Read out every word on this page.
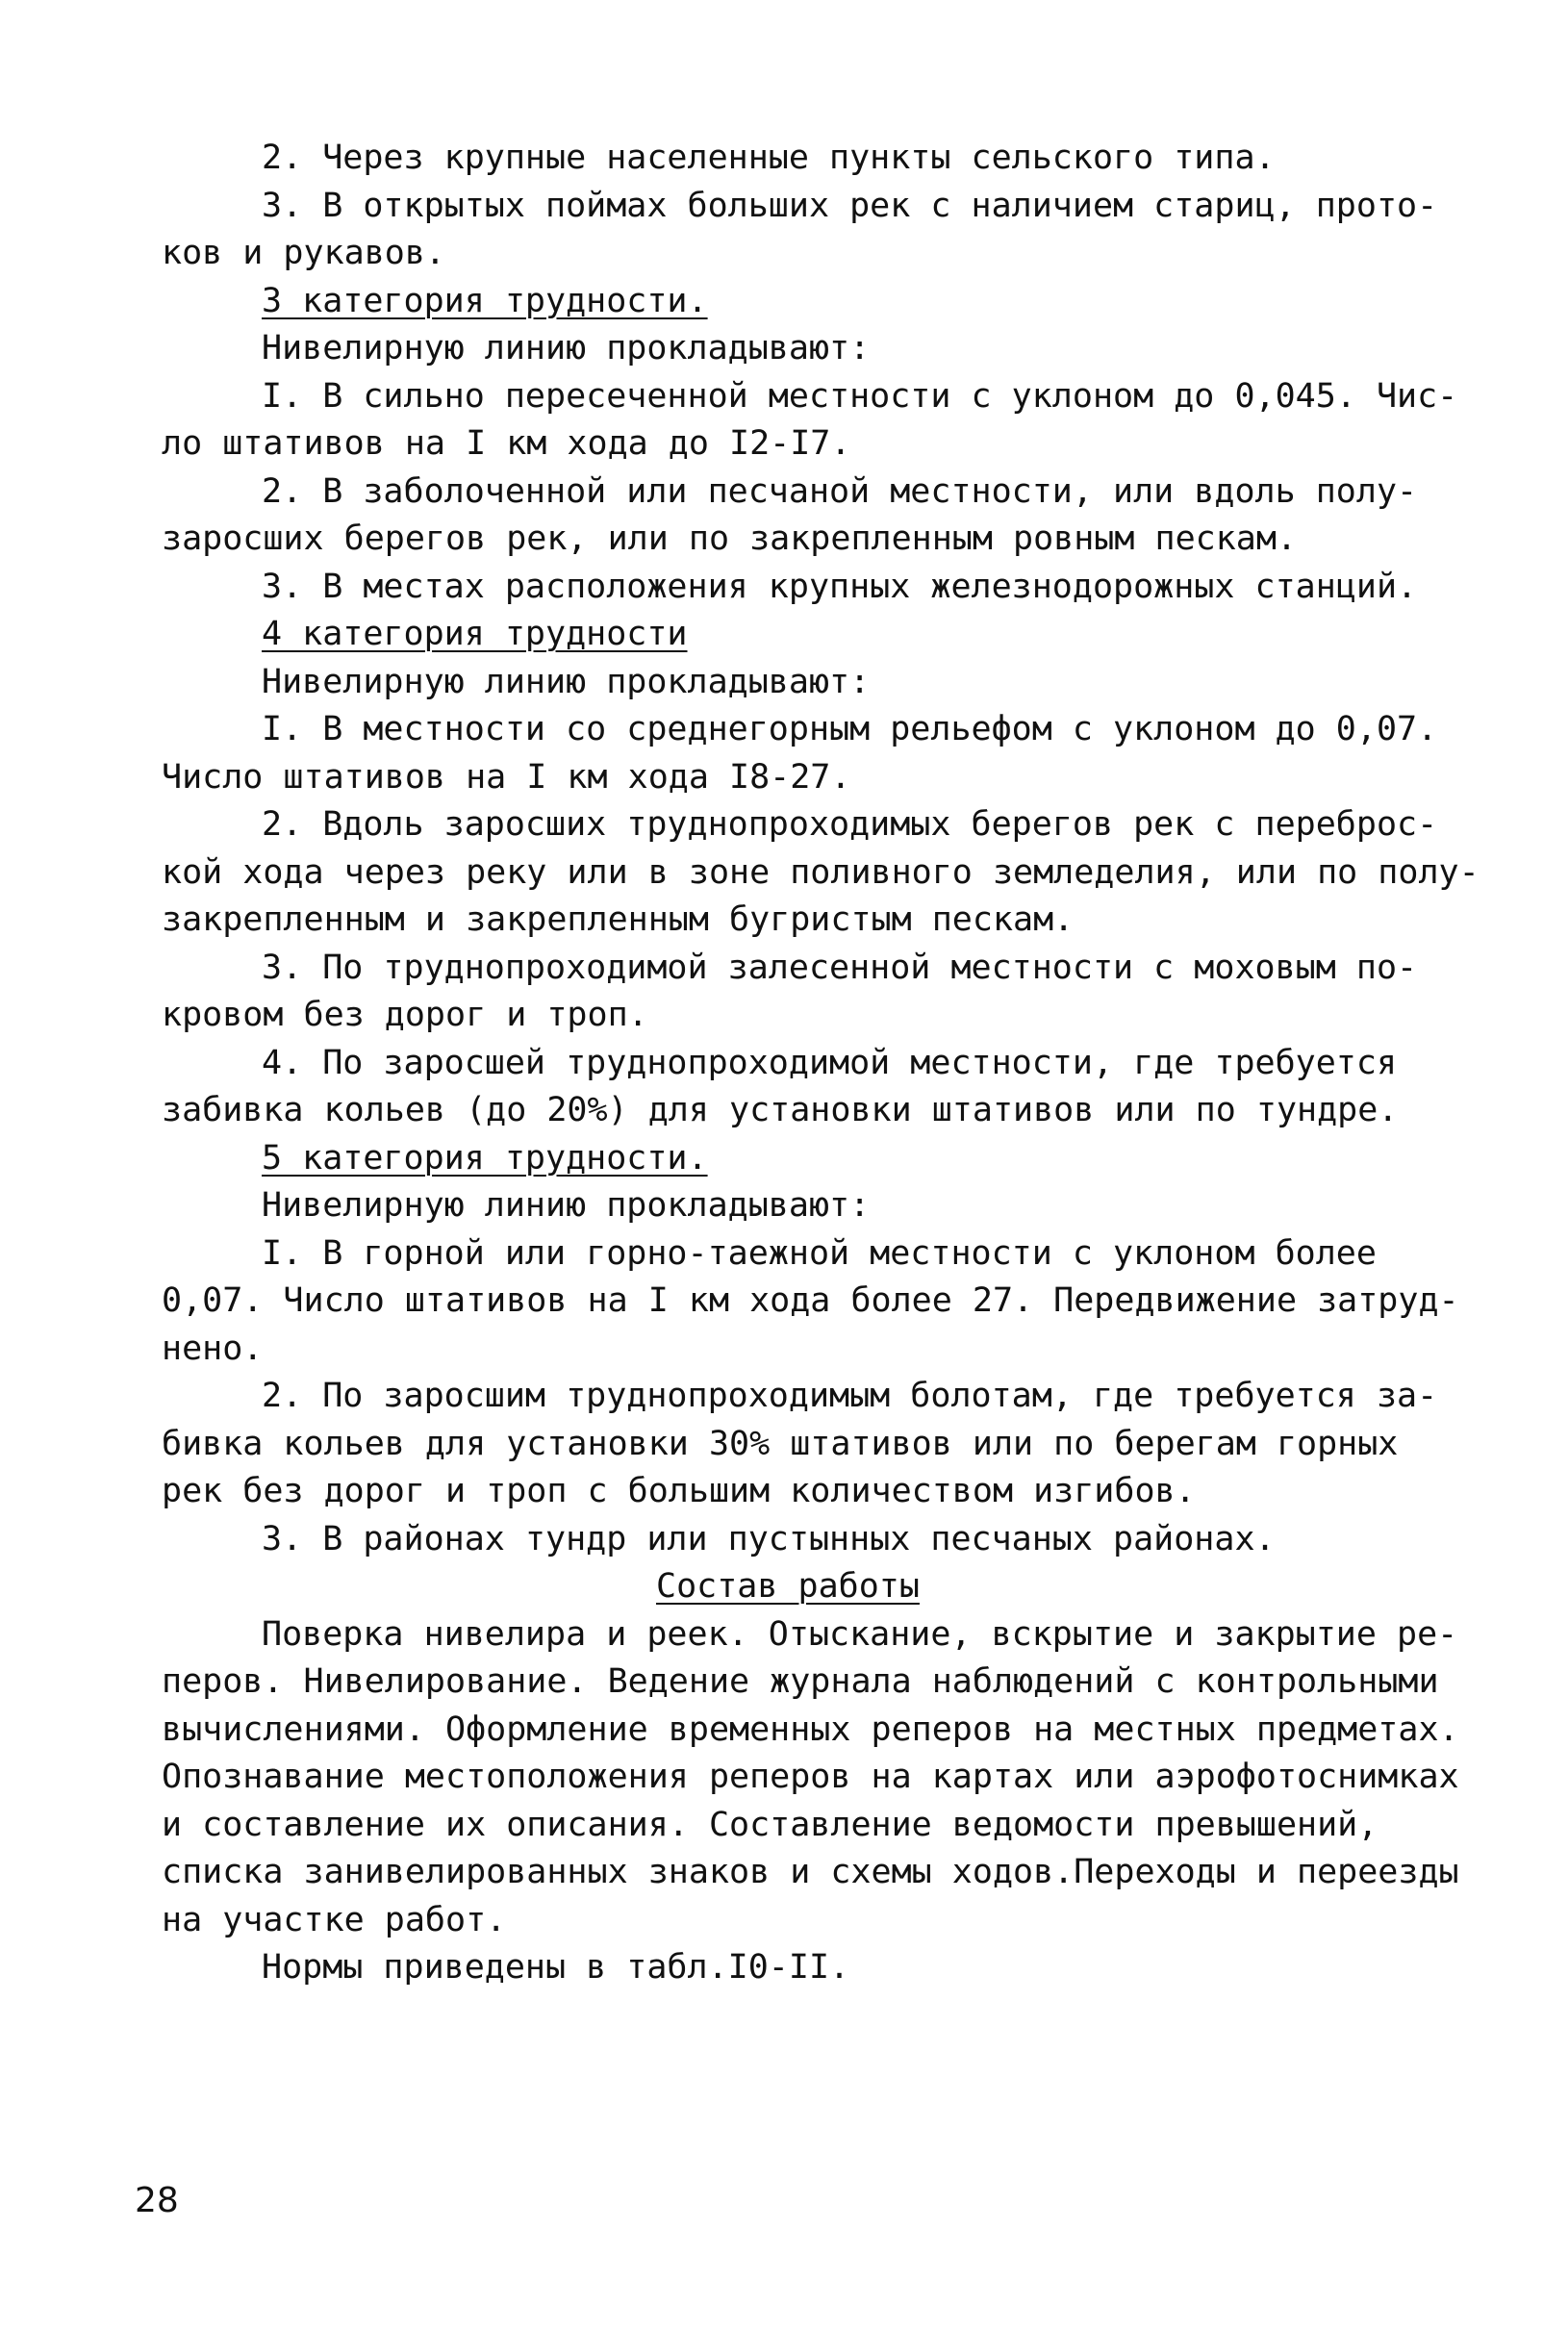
2. Через крупные населенные пункты сельского типа.
3. В открытых поймах больших рек с наличием стариц, прото-
ков и рукавов.
3 категория трудности.
Нивелирную линию прокладывают:
I. В сильно пересеченной местности с уклоном до 0,045. Чис-
ло штативов на I км хода до I2-I7.
2. В заболоченной или песчаной местности, или вдоль полу-
заросших берегов рек, или по закрепленным ровным пескам.
3. В местах расположения крупных железнодорожных станций.
4 категория трудности
Нивелирную линию прокладывают:
I. В местности со среднегорным рельефом с уклоном до 0,07.
Число штативов на I км хода I8-27.
2. Вдоль заросших труднопроходимых берегов рек с переброс-
кой хода через реку или в зоне поливного земледелия, или по полу-
закрепленным и закрепленным бугристым пескам.
3. По труднопроходимой залесенной местности с моховым по-
кровом без дорог и троп.
4. По заросшей труднопроходимой местности, где требуется
забивка кольев (до 20%) для установки штативов или по тундре.
5 категория трудности.
Нивелирную линию прокладывают:
I. В горной или горно-таежной местности с уклоном более
0,07. Число штативов на I км хода более 27. Передвижение затруд-
нено.
2. По заросшим труднопроходимым болотам, где требуется за-
бивка кольев для установки 30% штативов или по берегам горных
рек без дорог и троп с большим количеством изгибов.
3. В районах тундр или пустынных песчаных районах.
Состав работы
Поверка нивелира и реек. Отыскание, вскрытие и закрытие ре-
перов. Нивелирование. Ведение журнала наблюдений с контрольными
вычислениями. Оформление временных реперов на местных предметах.
Опознавание местоположения реперов на картах или аэрофотоснимках
и составление их описания. Составление ведомости превышений,
списка занивелированных знаков и схемы ходов.Переходы и переезды
на участке работ.
Нормы приведены в табл.I0-II.
28
